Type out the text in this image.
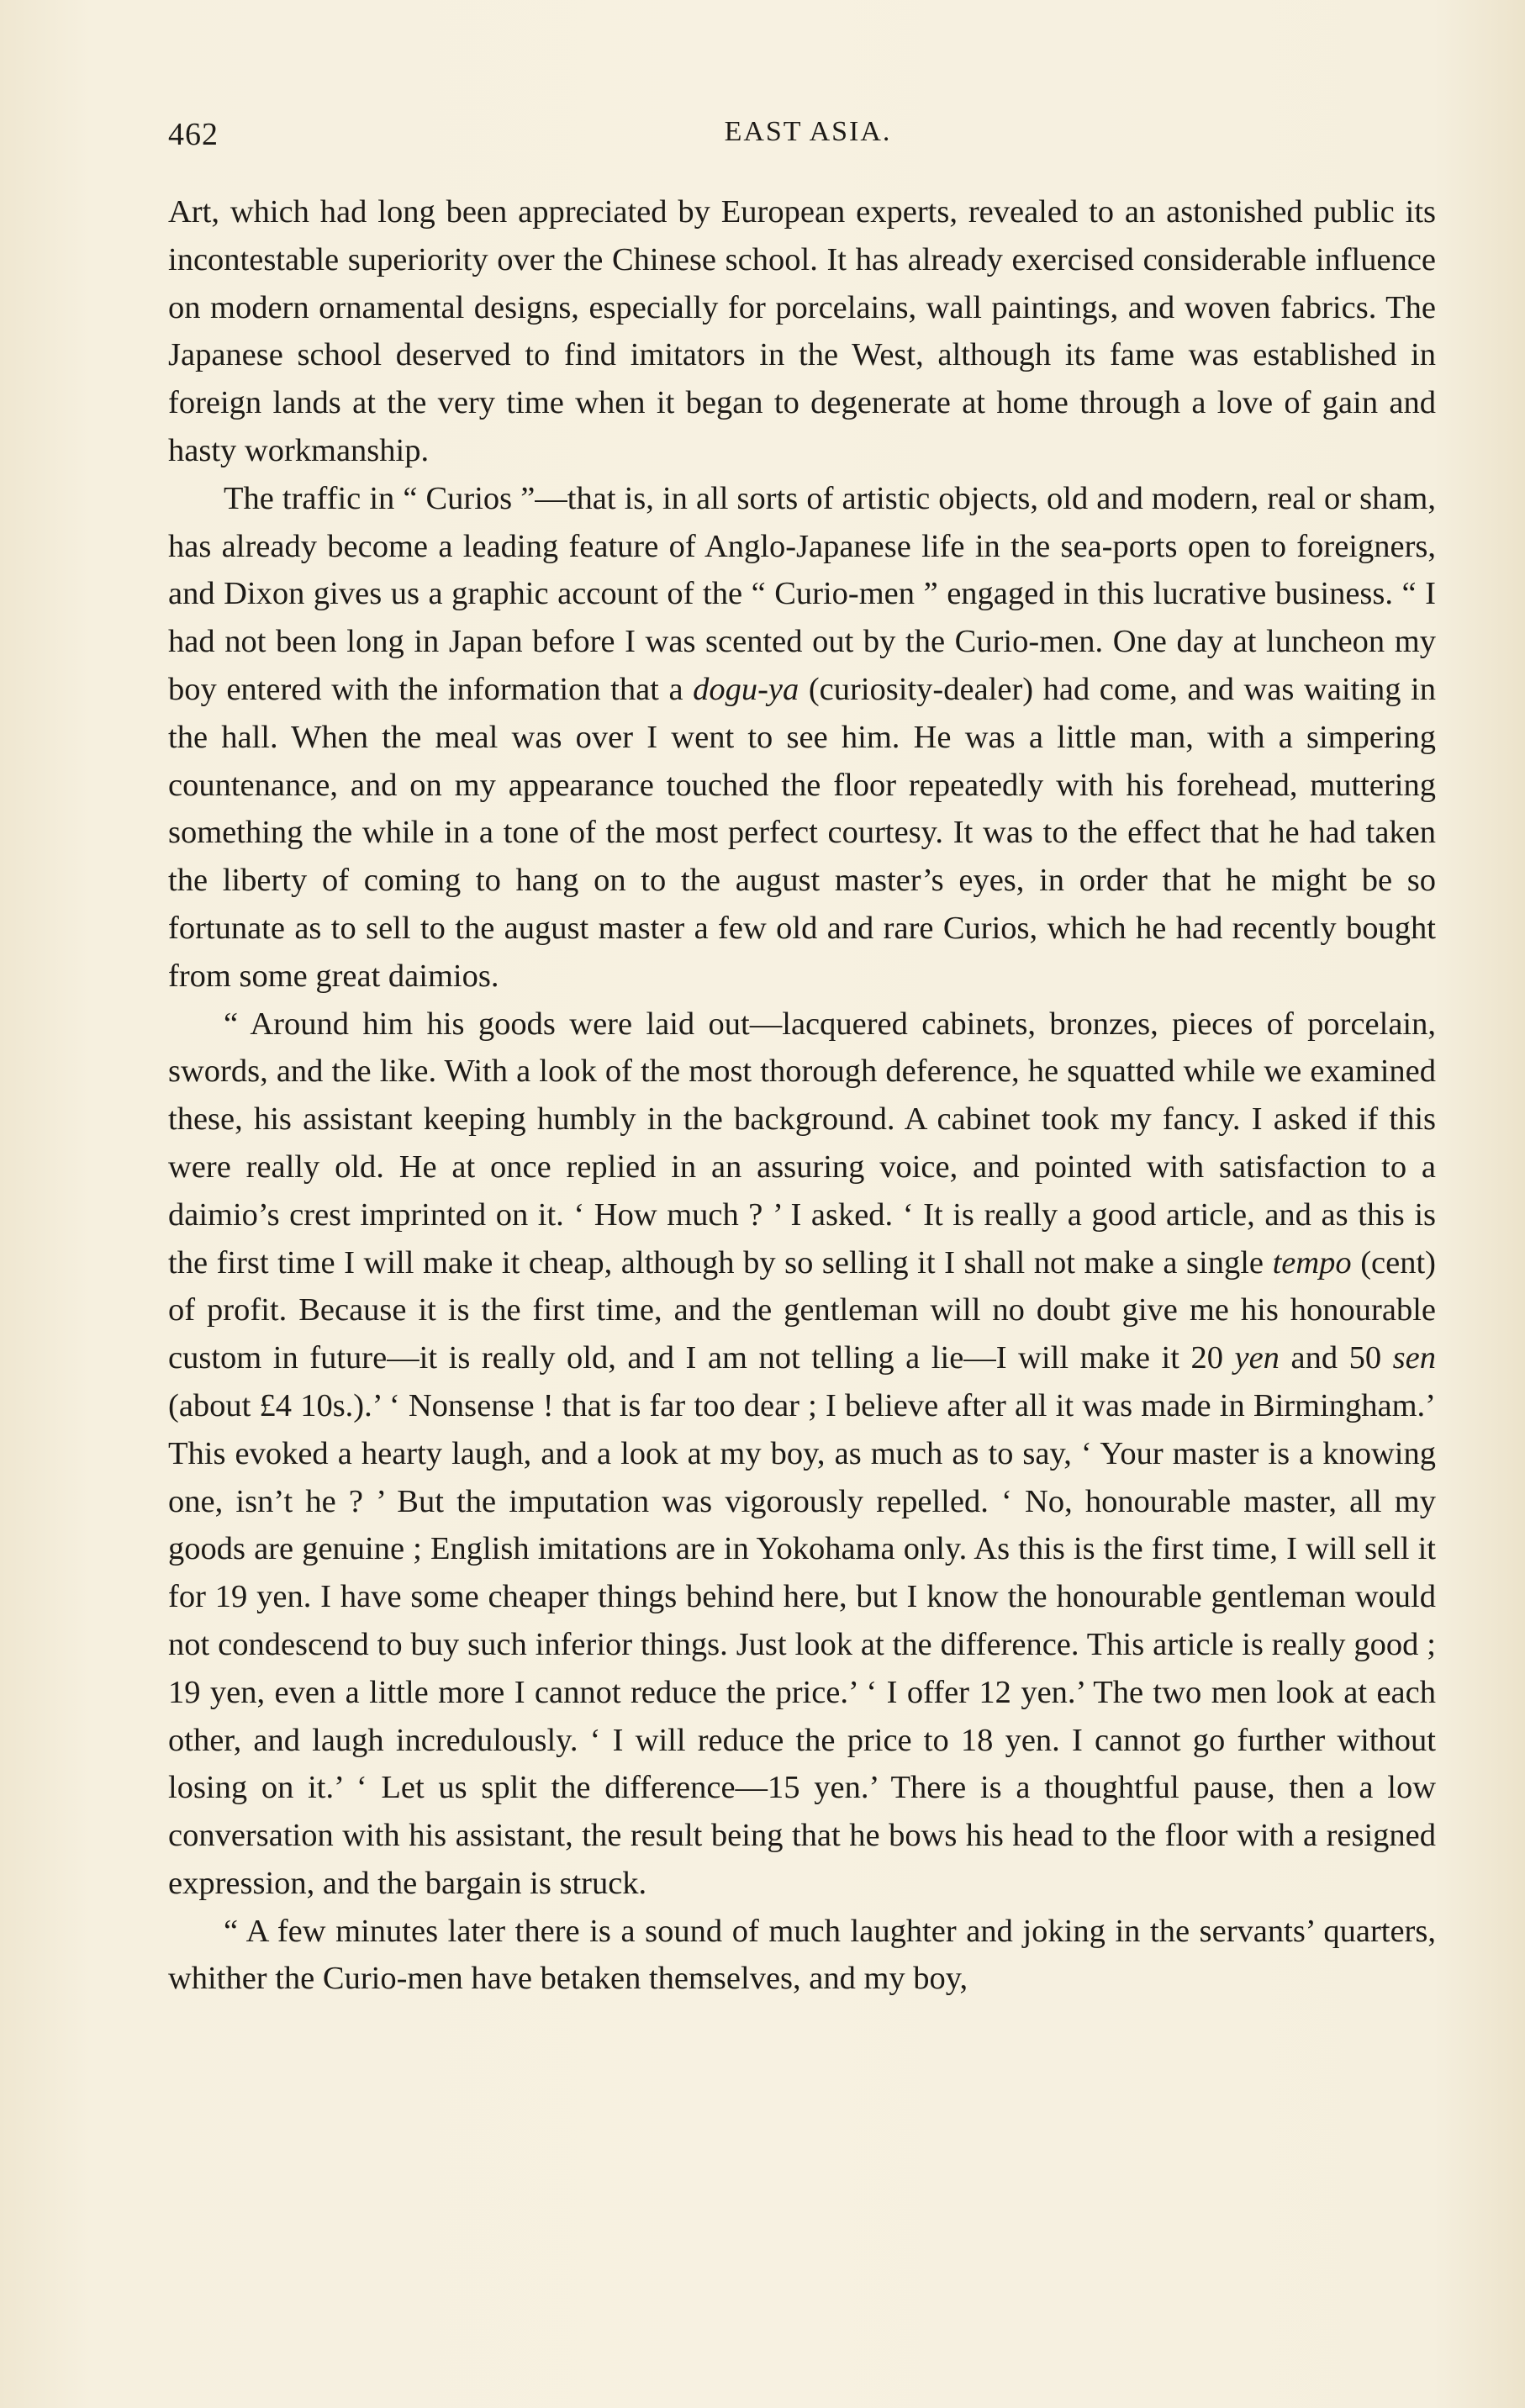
462	EAST ASIA.

Art, which had long been appreciated by European experts, revealed to an astonished public its incontestable superiority over the Chinese school. It has already exercised considerable influence on modern ornamental designs, especially for porcelains, wall paintings, and woven fabrics. The Japanese school deserved to find imitators in the West, although its fame was established in foreign lands at the very time when it began to degenerate at home through a love of gain and hasty workmanship.

The traffic in “ Curios ”—that is, in all sorts of artistic objects, old and modern, real or sham, has already become a leading feature of Anglo-Japanese life in the sea-ports open to foreigners, and Dixon gives us a graphic account of the “ Curio-men ” engaged in this lucrative business. “ I had not been long in Japan before I was scented out by the Curio-men. One day at luncheon my boy entered with the information that a dogu-ya (curiosity-dealer) had come, and was waiting in the hall. When the meal was over I went to see him. He was a little man, with a simpering countenance, and on my appearance touched the floor repeatedly with his forehead, muttering something the while in a tone of the most perfect courtesy. It was to the effect that he had taken the liberty of coming to hang on to the august master’s eyes, in order that he might be so fortunate as to sell to the august master a few old and rare Curios, which he had recently bought from some great daimios.

“ Around him his goods were laid out—lacquered cabinets, bronzes, pieces of porcelain, swords, and the like. With a look of the most thorough deference, he squatted while we examined these, his assistant keeping humbly in the background. A cabinet took my fancy. I asked if this were really old. He at once replied in an assuring voice, and pointed with satisfaction to a daimio’s crest imprinted on it. ‘ How much ? ’ I asked. ‘ It is really a good article, and as this is the first time I will make it cheap, although by so selling it I shall not make a single tempo (cent) of profit. Because it is the first time, and the gentleman will no doubt give me his honourable custom in future—it is really old, and I am not telling a lie—I will make it 20 yen and 50 sen (about £4 10s.).’ ‘ Nonsense ! that is far too dear ; I believe after all it was made in Birmingham.’ This evoked a hearty laugh, and a look at my boy, as much as to say, ‘ Your master is a knowing one, isn’t he ? ’ But the imputation was vigorously repelled. ‘ No, honourable master, all my goods are genuine ; English imitations are in Yokohama only. As this is the first time, I will sell it for 19 yen. I have some cheaper things behind here, but I know the honourable gentleman would not condescend to buy such inferior things. Just look at the difference. This article is really good ; 19 yen, even a little more I cannot reduce the price.’ ‘ I offer 12 yen.’ The two men look at each other, and laugh incredulously. ‘ I will reduce the price to 18 yen. I cannot go further without losing on it.’ ‘ Let us split the difference—15 yen.’ There is a thoughtful pause, then a low conversation with his assistant, the result being that he bows his head to the floor with a resigned expression, and the bargain is struck.

“ A few minutes later there is a sound of much laughter and joking in the servants’ quarters, whither the Curio-men have betaken themselves, and my boy,
